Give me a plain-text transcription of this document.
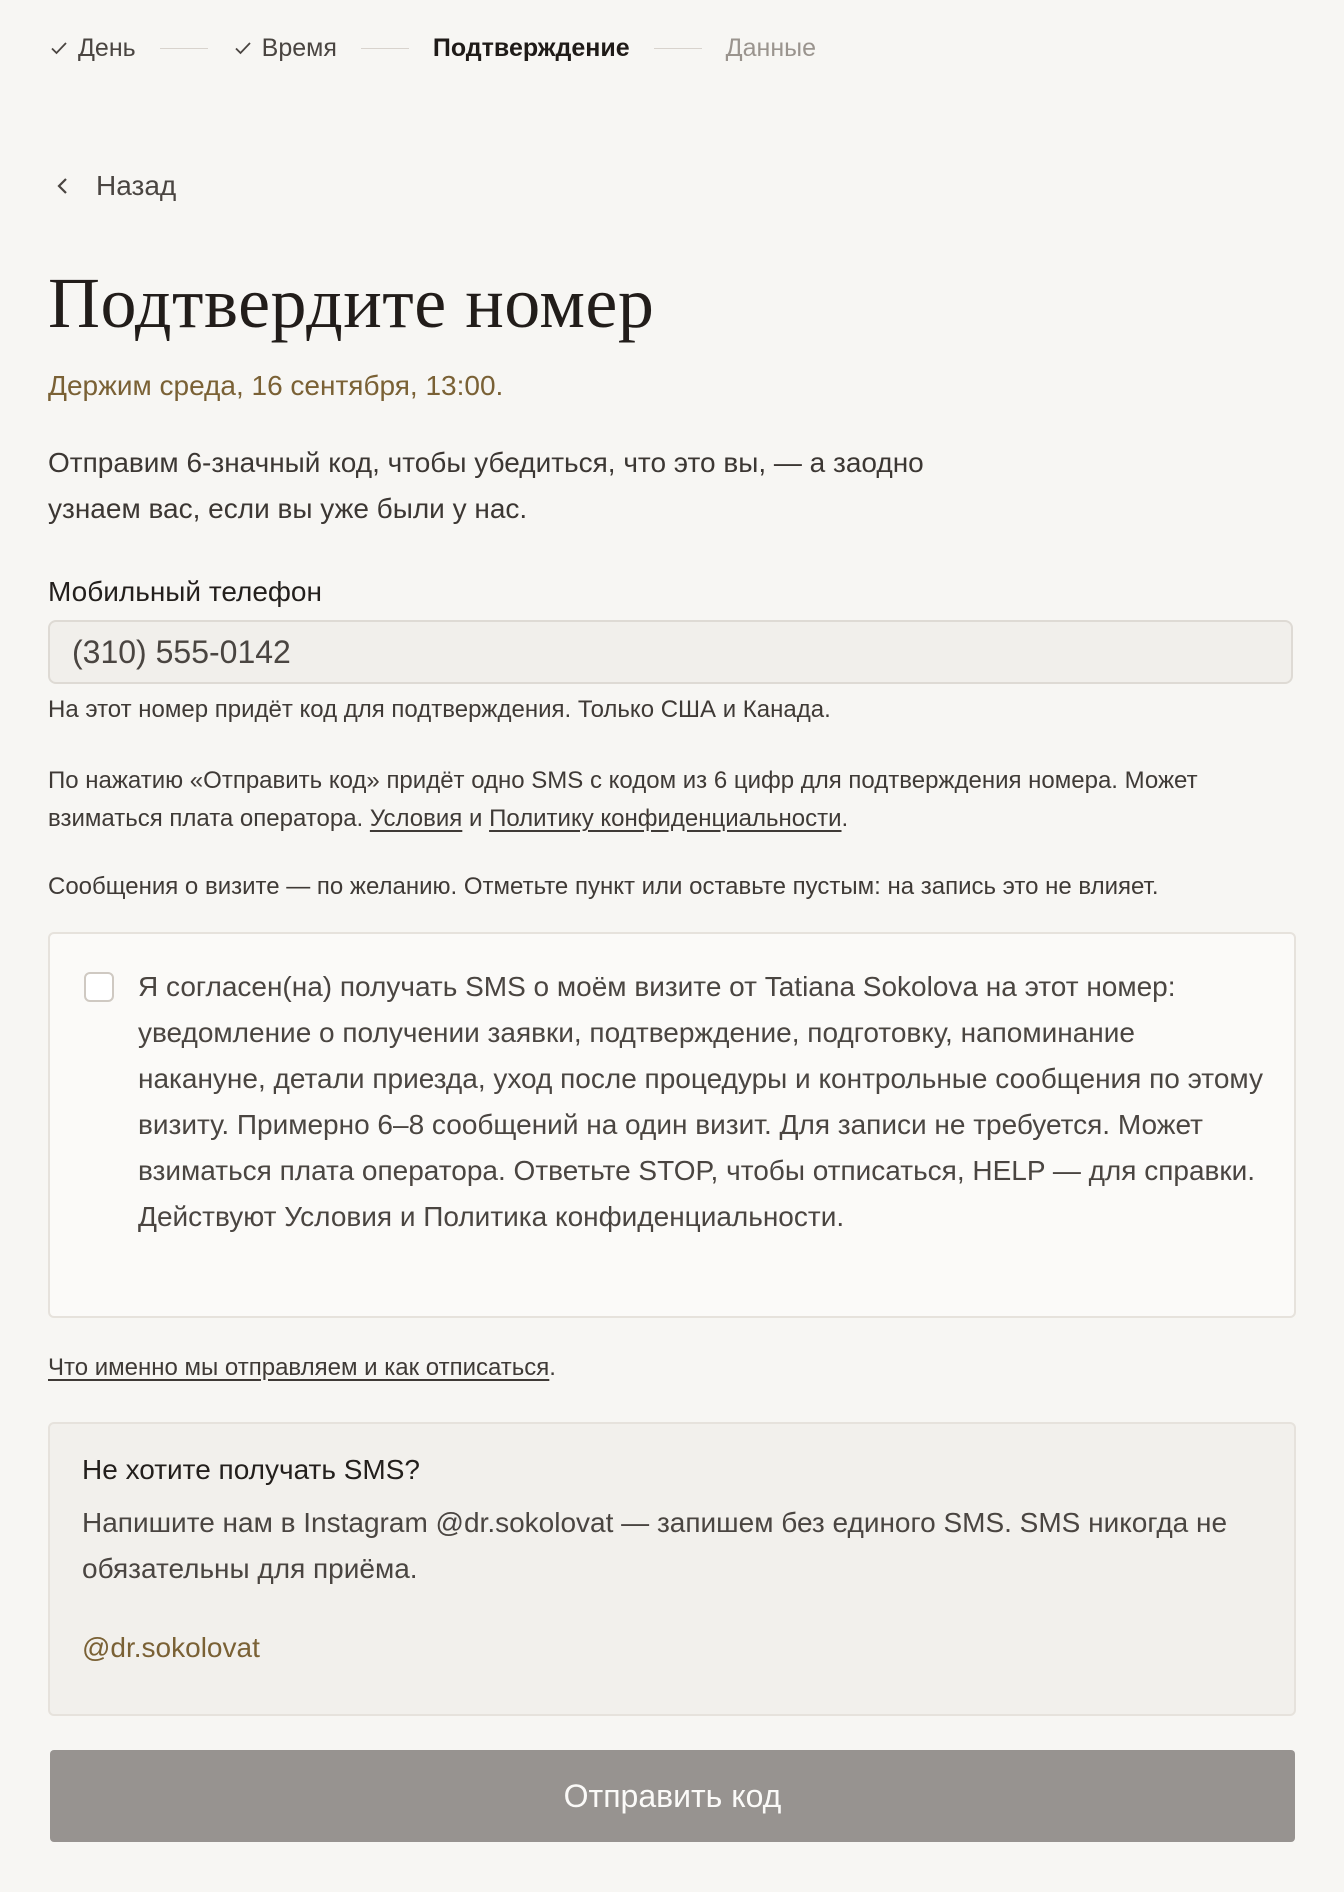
День	Время	Подтверждение	Данные
Назад
Подтвердите номер
Держим среда, 16 сентября, 13:00.
Отправим 6-значный код, чтобы убедиться, что это вы, — а заодно узнаем вас, если вы уже были у нас.
Мобильный телефон
(310) 555-0142
На этот номер придёт код для подтверждения. Только США и Канада.
По нажатию «Отправить код» придёт одно SMS с кодом из 6 цифр для подтверждения номера. Может взиматься плата оператора. Условия и Политику конфиденциальности.
Сообщения о визите — по желанию. Отметьте пункт или оставьте пустым: на запись это не влияет.
Я согласен(на) получать SMS о моём визите от Tatiana Sokolova на этот номер: уведомление о получении заявки, подтверждение, подготовку, напоминание накануне, детали приезда, уход после процедуры и контрольные сообщения по этому визиту. Примерно 6–8 сообщений на один визит. Для записи не требуется. Может взиматься плата оператора. Ответьте STOP, чтобы отписаться, HELP — для справки. Действуют Условия и Политика конфиденциальности.
Что именно мы отправляем и как отписаться.
Не хотите получать SMS?
Напишите нам в Instagram @dr.sokolovat — запишем без единого SMS. SMS никогда не обязательны для приёма.
@dr.sokolovat
Отправить код
